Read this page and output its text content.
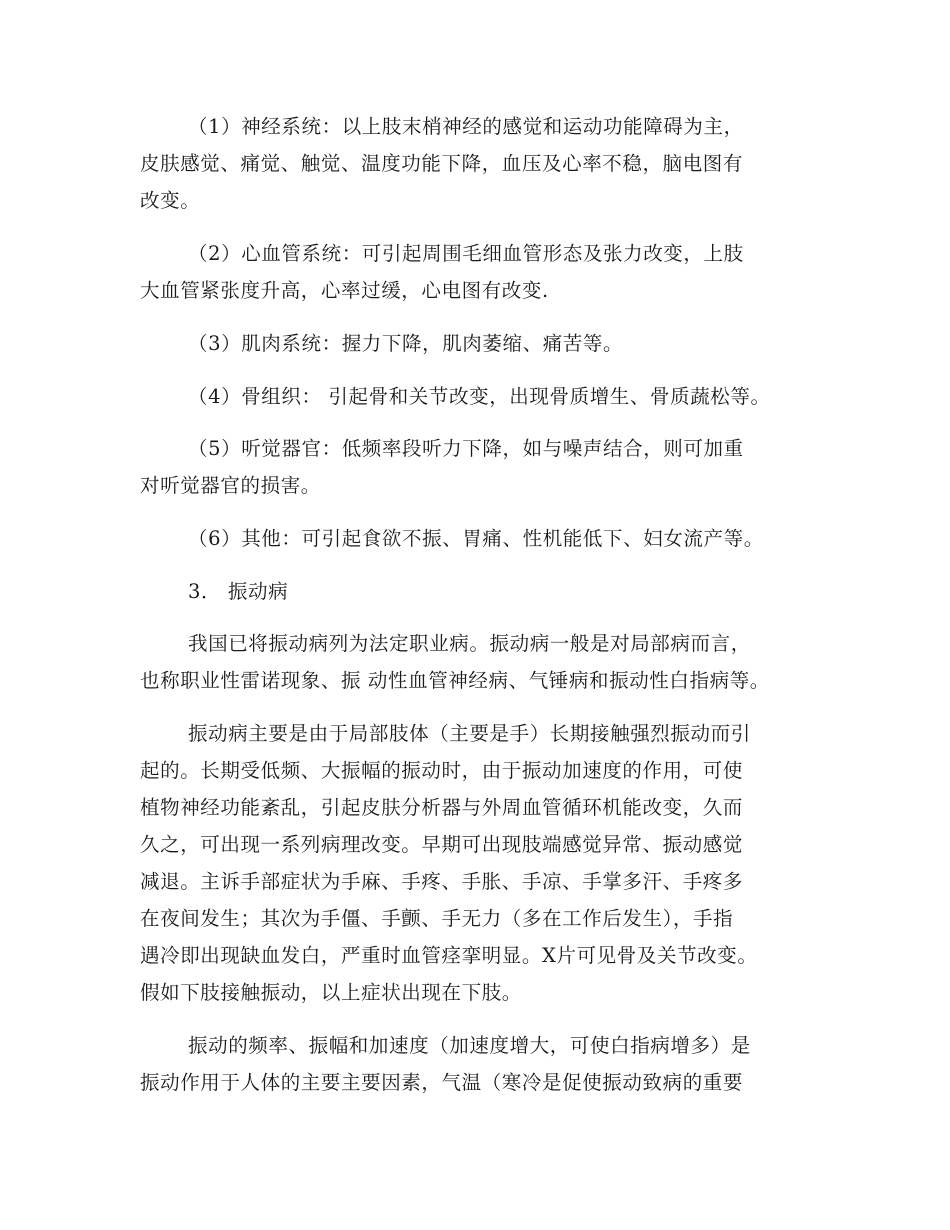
（1）神经系统：以上肢末梢神经的感觉和运动功能障碍为主，
皮肤感觉、痛觉、触觉、温度功能下降，血压及心率不稳，脑电图有
改变。
（2）心血管系统：可引起周围毛细血管形态及张力改变，上肢
大血管紧张度升高，心率过缓，心电图有改变.
（3）肌肉系统：握力下降，肌肉萎缩、痛苦等。
（4）骨组织： 引起骨和关节改变，出现骨质增生、骨质蔬松等。
（5）听觉器官：低频率段听力下降，如与噪声结合，则可加重
对听觉器官的损害。
（6）其他：可引起食欲不振、胃痛、性机能低下、妇女流产等。
3． 振动病
我国已将振动病列为法定职业病。振动病一般是对局部病而言，
也称职业性雷诺现象、振 动性血管神经病、气锤病和振动性白指病等。
振动病主要是由于局部肢体（主要是手）长期接触强烈振动而引
起的。长期受低频、大振幅的振动时，由于振动加速度的作用，可使
植物神经功能紊乱，引起皮肤分析器与外周血管循环机能改变，久而
久之，可出现一系列病理改变。早期可出现肢端感觉异常、振动感觉
减退。主诉手部症状为手麻、手疼、手胀、手凉、手掌多汗、手疼多
在夜间发生；其次为手僵、手颤、手无力（多在工作后发生），手指
遇冷即出现缺血发白，严重时血管痉挛明显。X片可见骨及关节改变。
假如下肢接触振动，以上症状出现在下肢。
振动的频率、振幅和加速度（加速度增大，可使白指病增多）是
振动作用于人体的主要主要因素，气温（寒冷是促使振动致病的重要
